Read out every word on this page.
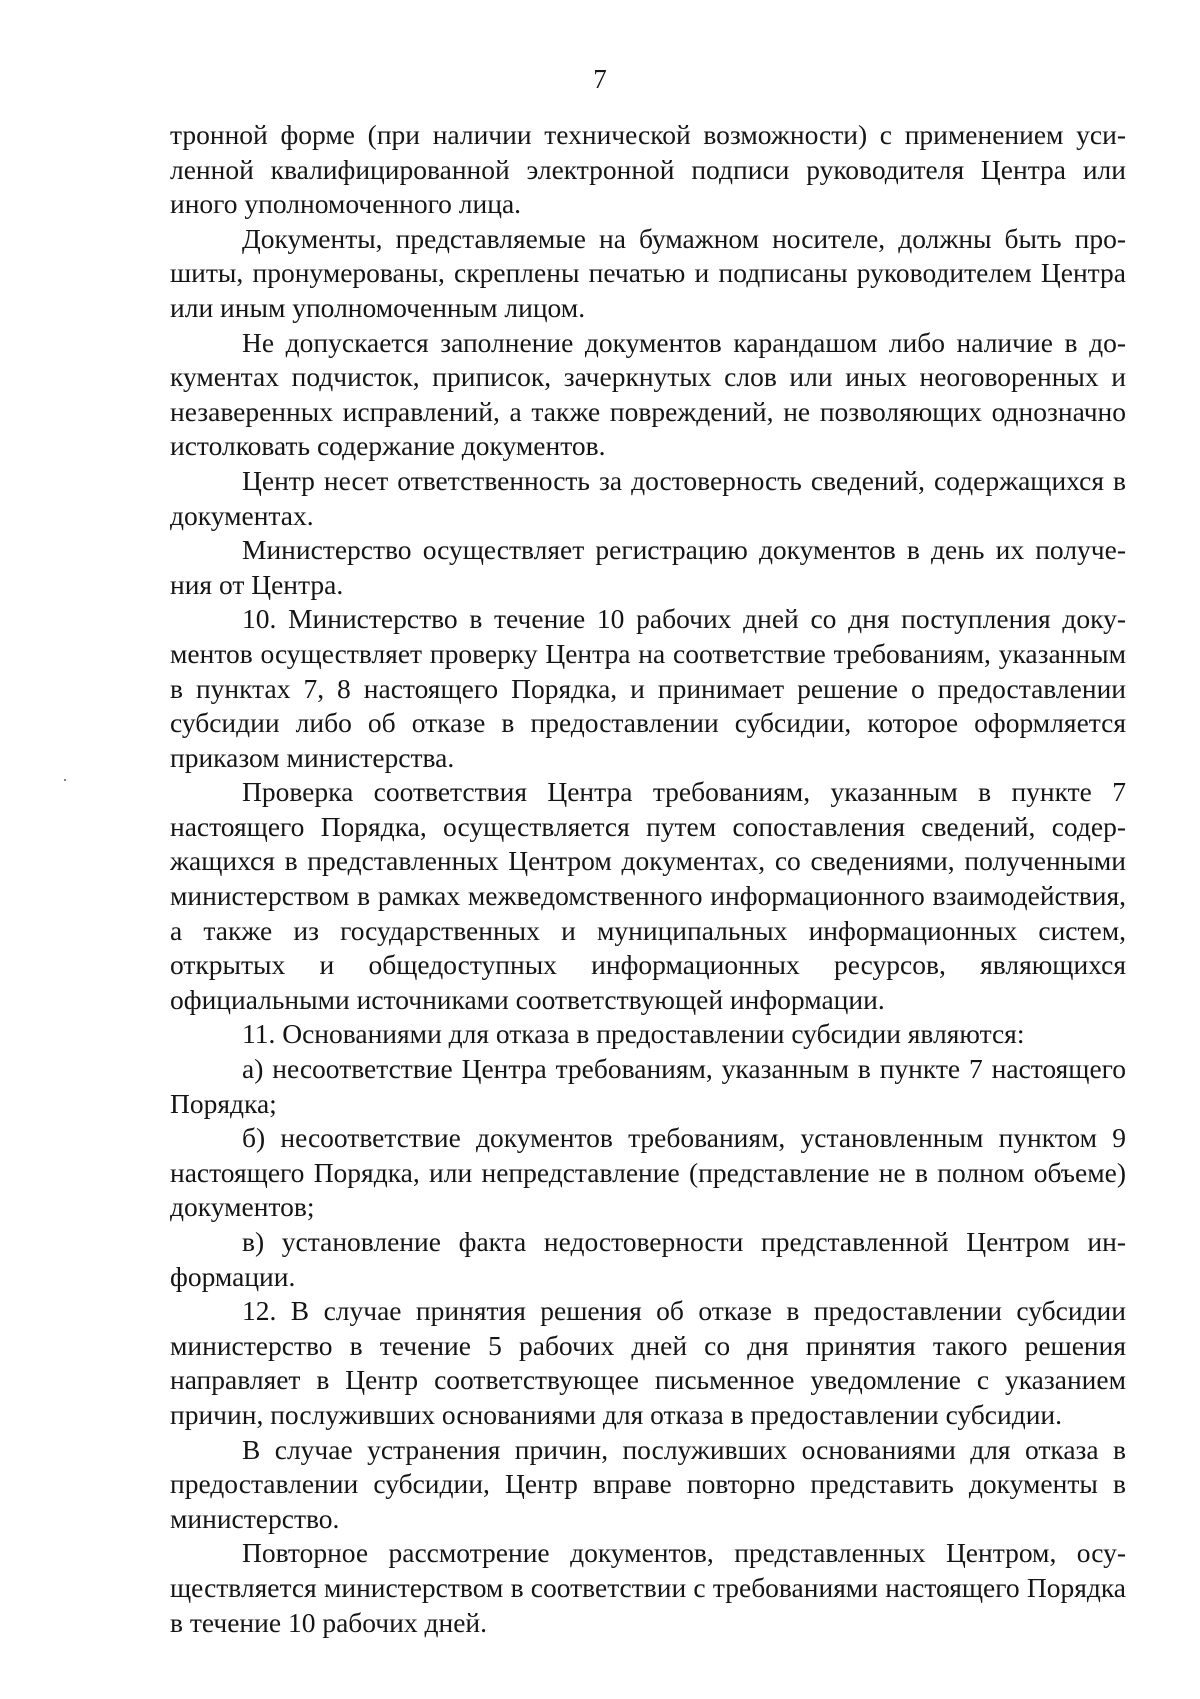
7

тронной форме (при наличии технической возможности) с применением усиленной квалифицированной электронной подписи руководителя Центра или иного уполномоченного лица.

Документы, представляемые на бумажном носителе, должны быть прошиты, пронумерованы, скреплены печатью и подписаны руководителем Центра или иным уполномоченным лицом.

Не допускается заполнение документов карандашом либо наличие в документах подчисток, приписок, зачеркнутых слов или иных неоговоренных и незаверенных исправлений, а также повреждений, не позволяющих однозначно истолковать содержание документов.

Центр несет ответственность за достоверность сведений, содержащихся в документах.

Министерство осуществляет регистрацию документов в день их получения от Центра.

10. Министерство в течение 10 рабочих дней со дня поступления документов осуществляет проверку Центра на соответствие требованиям, указанным в пунктах 7, 8 настоящего Порядка, и принимает решение о предоставлении субсидии либо об отказе в предоставлении субсидии, которое оформляется приказом министерства.

Проверка соответствия Центра требованиям, указанным в пункте 7 настоящего Порядка, осуществляется путем сопоставления сведений, содержащихся в представленных Центром документах, со сведениями, полученными министерством в рамках межведомственного информационного взаимодействия, а также из государственных и муниципальных информационных систем, открытых и общедоступных информационных ресурсов, являющихся официальными источниками соответствующей информации.

11. Основаниями для отказа в предоставлении субсидии являются:

а) несоответствие Центра требованиям, указанным в пункте 7 настоящего Порядка;

б) несоответствие документов требованиям, установленным пунктом 9 настоящего Порядка, или непредставление (представление не в полном объеме) документов;

в) установление факта недостоверности представленной Центром информации.

12. В случае принятия решения об отказе в предоставлении субсидии министерство в течение 5 рабочих дней со дня принятия такого решения направляет в Центр соответствующее письменное уведомление с указанием причин, послуживших основаниями для отказа в предоставлении субсидии.

В случае устранения причин, послуживших основаниями для отказа в предоставлении субсидии, Центр вправе повторно представить документы в министерство.

Повторное рассмотрение документов, представленных Центром, осуществляется министерством в соответствии с требованиями настоящего Порядка в течение 10 рабочих дней.
